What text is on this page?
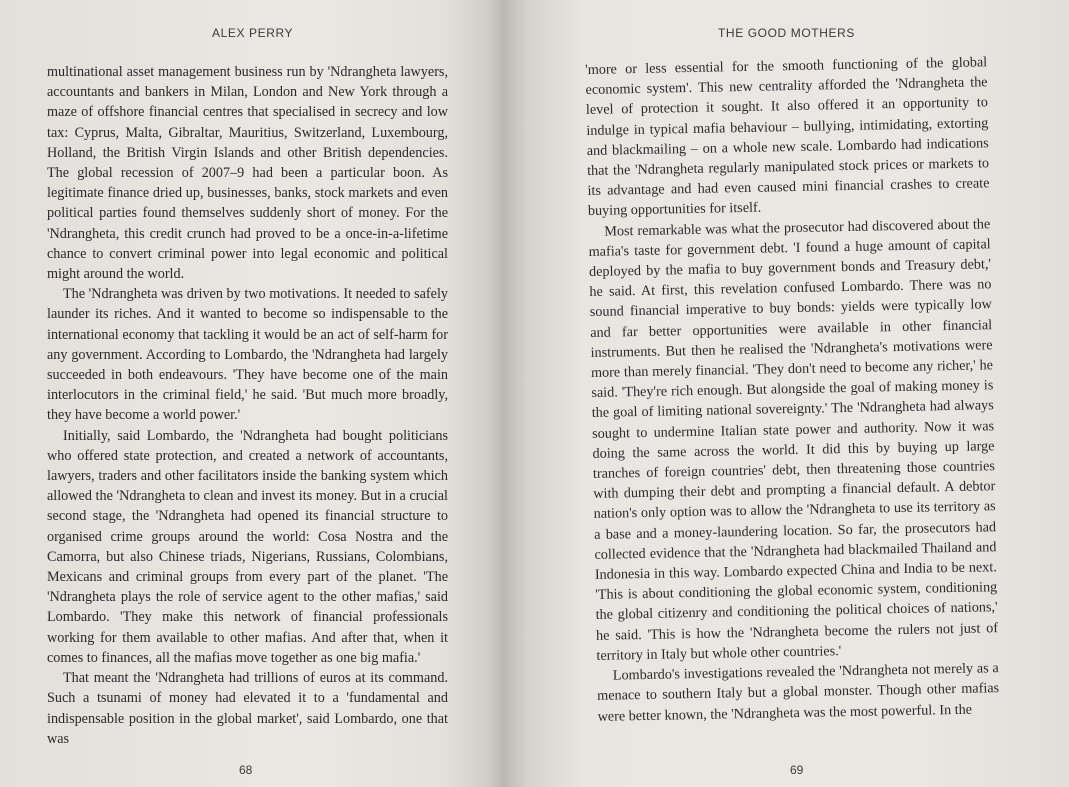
ALEX PERRY

multinational asset management business run by 'Ndrangheta lawyers, accountants and bankers in Milan, London and New York through a maze of offshore financial centres that specialised in secrecy and low tax: Cyprus, Malta, Gibraltar, Mauritius, Switzerland, Luxembourg, Holland, the British Virgin Islands and other British dependencies. The global recession of 2007–9 had been a particular boon. As legitimate finance dried up, businesses, banks, stock markets and even political parties found themselves suddenly short of money. For the 'Ndrangheta, this credit crunch had proved to be a once-in-a-lifetime chance to convert criminal power into legal economic and political might around the world.

The 'Ndrangheta was driven by two motivations. It needed to safely launder its riches. And it wanted to become so indispensable to the international economy that tackling it would be an act of self-harm for any government. According to Lombardo, the 'Ndrangheta had largely succeeded in both endeavours. 'They have become one of the main interlocutors in the criminal field,' he said. 'But much more broadly, they have become a world power.'

Initially, said Lombardo, the 'Ndrangheta had bought politicians who offered state protection, and created a network of accountants, lawyers, traders and other facilitators inside the banking system which allowed the 'Ndrangheta to clean and invest its money. But in a crucial second stage, the 'Ndrangheta had opened its financial structure to organised crime groups around the world: Cosa Nostra and the Camorra, but also Chinese triads, Nigerians, Russians, Colombians, Mexicans and criminal groups from every part of the planet. 'The 'Ndrangheta plays the role of service agent to the other mafias,' said Lombardo. 'They make this network of financial professionals working for them available to other mafias. And after that, when it comes to finances, all the mafias move together as one big mafia.'

That meant the 'Ndrangheta had trillions of euros at its command. Such a tsunami of money had elevated it to a 'fundamental and indispensable position in the global market', said Lombardo, one that was

68
THE GOOD MOTHERS

'more or less essential for the smooth functioning of the global economic system'. This new centrality afforded the 'Ndrangheta the level of protection it sought. It also offered it an opportunity to indulge in typical mafia behaviour – bullying, intimidating, extorting and blackmailing – on a whole new scale. Lombardo had indications that the 'Ndrangheta regularly manipulated stock prices or markets to its advantage and had even caused mini financial crashes to create buying opportunities for itself.

Most remarkable was what the prosecutor had discovered about the mafia's taste for government debt. 'I found a huge amount of capital deployed by the mafia to buy government bonds and Treasury debt,' he said. At first, this revelation confused Lombardo. There was no sound financial imperative to buy bonds: yields were typically low and far better opportunities were available in other financial instruments. But then he realised the 'Ndrangheta's motivations were more than merely financial. 'They don't need to become any richer,' he said. 'They're rich enough. But alongside the goal of making money is the goal of limiting national sovereignty.' The 'Ndrangheta had always sought to undermine Italian state power and authority. Now it was doing the same across the world. It did this by buying up large tranches of foreign countries' debt, then threatening those countries with dumping their debt and prompting a financial default. A debtor nation's only option was to allow the 'Ndrangheta to use its territory as a base and a money-laundering location. So far, the prosecutors had collected evidence that the 'Ndrangheta had blackmailed Thailand and Indonesia in this way. Lombardo expected China and India to be next. 'This is about conditioning the global economic system, conditioning the global citizenry and conditioning the political choices of nations,' he said. 'This is how the 'Ndrangheta become the rulers not just of territory in Italy but whole other countries.'

Lombardo's investigations revealed the 'Ndrangheta not merely as a menace to southern Italy but a global monster. Though other mafias were better known, the 'Ndrangheta was the most powerful. In the

69
